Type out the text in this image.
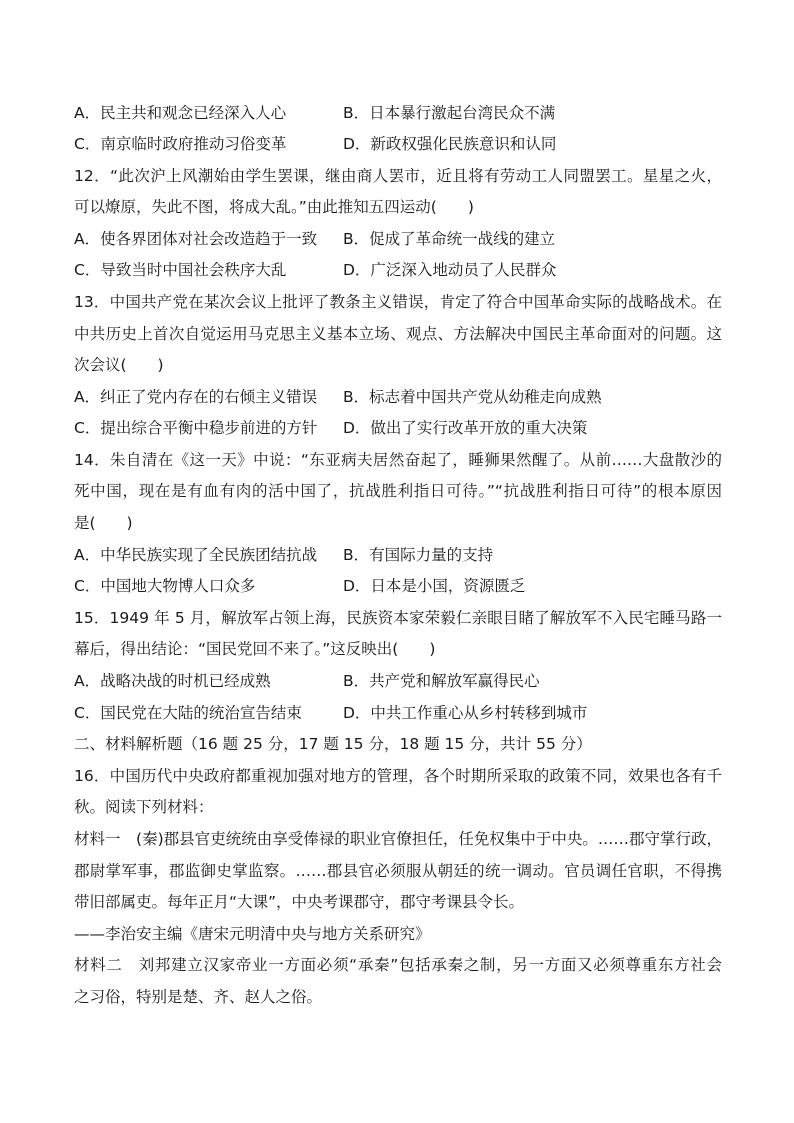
A．民主共和观念已经深入人心	B．日本暴行激起台湾民众不满
C．南京临时政府推动习俗变革	D．新政权强化民族意识和认同
12．“此次沪上风潮始由学生罢课，继由商人罢市，近且将有劳动工人同盟罢工。星星之火，
可以燎原，失此不图，将成大乱。”由此推知五四运动(　　)
A．使各界团体对社会改造趋于一致 B．促成了革命统一战线的建立
C．导致当时中国社会秩序大乱	D．广泛深入地动员了人民群众
13．中国共产党在某次会议上批评了教条主义错误，肯定了符合中国革命实际的战略战术。在
中共历史上首次自觉运用马克思主义基本立场、观点、方法解决中国民主革命面对的问题。这
次会议(　　)
A．纠正了党内存在的右倾主义错误 B．标志着中国共产党从幼稚走向成熟
C．提出综合平衡中稳步前进的方针 D．做出了实行改革开放的重大决策
14．朱自清在《这一天》中说：“东亚病夫居然奋起了，睡狮果然醒了。从前……大盘散沙的
死中国，现在是有血有肉的活中国了，抗战胜利指日可待。”“抗战胜利指日可待”的根本原因
是(　　)
A．中华民族实现了全民族团结抗战 B．有国际力量的支持
C．中国地大物博人口众多	D．日本是小国，资源匮乏
15．1949 年 5 月，解放军占领上海，民族资本家荣毅仁亲眼目睹了解放军不入民宅睡马路一
幕后，得出结论：“国民党回不来了。”这反映出(　　)
A．战略决战的时机已经成熟	B．共产党和解放军赢得民心
C．国民党在大陆的统治宣告结束	D．中共工作重心从乡村转移到城市
二、材料解析题（16 题 25 分，17 题 15 分，18 题 15 分，共计 55 分）
16．中国历代中央政府都重视加强对地方的管理，各个时期所采取的政策不同，效果也各有千
秋。阅读下列材料：
材料一　(秦)郡县官吏统统由享受俸禄的职业官僚担任，任免权集中于中央。……郡守掌行政，
郡尉掌军事，郡监御史掌监察。……郡县官必须服从朝廷的统一调动。官员调任官职，不得携
带旧部属吏。每年正月“大课”，中央考课郡守，郡守考课县令长。
——李治安主编《唐宋元明清中央与地方关系研究》
材料二　刘邦建立汉家帝业一方面必须“承秦”包括承秦之制，另一方面又必须尊重东方社会
之习俗，特别是楚、齐、赵人之俗。
